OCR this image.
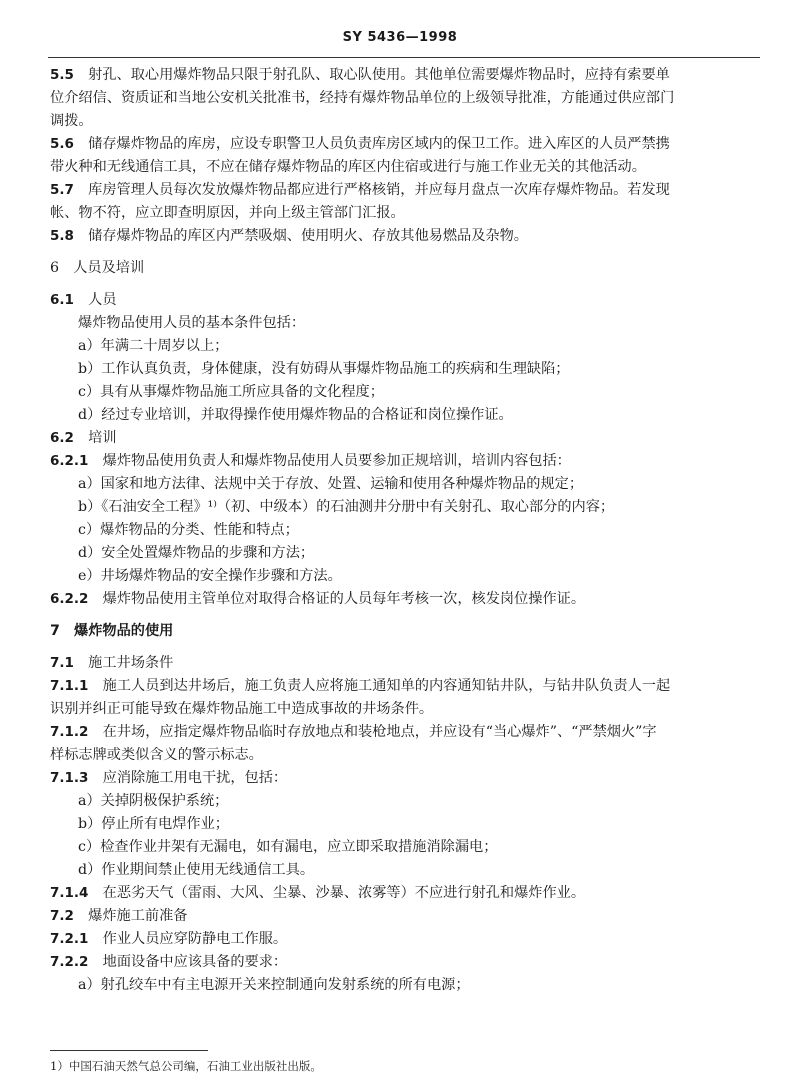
SY 5436—1998
5.5　 射孔、取心用爆炸物品只限于射孔队、取心队使用。其他单位需要爆炸物品时，应持有索要单
位介绍信、资质证和当地公安机关批准书，经持有爆炸物品单位的上级领导批准，方能通过供应部门
调拨。
5.6　 储存爆炸物品的库房，应设专职警卫人员负责库房区域内的保卫工作。进入库区的人员严禁携
带火种和无线通信工具，不应在储存爆炸物品的库区内住宿或进行与施工作业无关的其他活动。
5.7　 库房管理人员每次发放爆炸物品都应进行严格核销，并应每月盘点一次库存爆炸物品。若发现
帐、物不符，应立即查明原因，并向上级主管部门汇报。
5.8　 储存爆炸物品的库区内严禁吸烟、使用明火、存放其他易燃品及杂物。
6　人员及培训
6.1　 人员
爆炸物品使用人员的基本条件包括：
a）年满二十周岁以上；
b）工作认真负责，身体健康，没有妨碍从事爆炸物品施工的疾病和生理缺陷；
c）具有从事爆炸物品施工所应具备的文化程度；
d）经过专业培训，并取得操作使用爆炸物品的合格证和岗位操作证。
6.2　 培训
6.2.1　 爆炸物品使用负责人和爆炸物品使用人员要参加正规培训，培训内容包括：
a）国家和地方法律、法规中关于存放、处置、运输和使用各种爆炸物品的规定；
b）《石油安全工程》¹⁾（初、中级本）的石油测井分册中有关射孔、取心部分的内容；
c）爆炸物品的分类、性能和特点；
d）安全处置爆炸物品的步骤和方法；
e）井场爆炸物品的安全操作步骤和方法。
6.2.2　 爆炸物品使用主管单位对取得合格证的人员每年考核一次，核发岗位操作证。
7　爆炸物品的使用
7.1　 施工井场条件
7.1.1　 施工人员到达井场后，施工负责人应将施工通知单的内容通知钻井队，与钻井队负责人一起
识别并纠正可能导致在爆炸物品施工中造成事故的井场条件。
7.1.2　 在井场，应指定爆炸物品临时存放地点和装枪地点，并应设有“当心爆炸”、“严禁烟火”字
样标志牌或类似含义的警示标志。
7.1.3　 应消除施工用电干扰，包括：
a）关掉阴极保护系统；
b）停止所有电焊作业；
c）检查作业井架有无漏电，如有漏电，应立即采取措施消除漏电；
d）作业期间禁止使用无线通信工具。
7.1.4　 在恶劣天气（雷雨、大风、尘暴、沙暴、浓雾等）不应进行射孔和爆炸作业。
7.2　 爆炸施工前准备
7.2.1　 作业人员应穿防静电工作服。
7.2.2　 地面设备中应该具备的要求：
a）射孔绞车中有主电源开关来控制通向发射系统的所有电源；
1）中国石油天然气总公司编，石油工业出版社出版。
